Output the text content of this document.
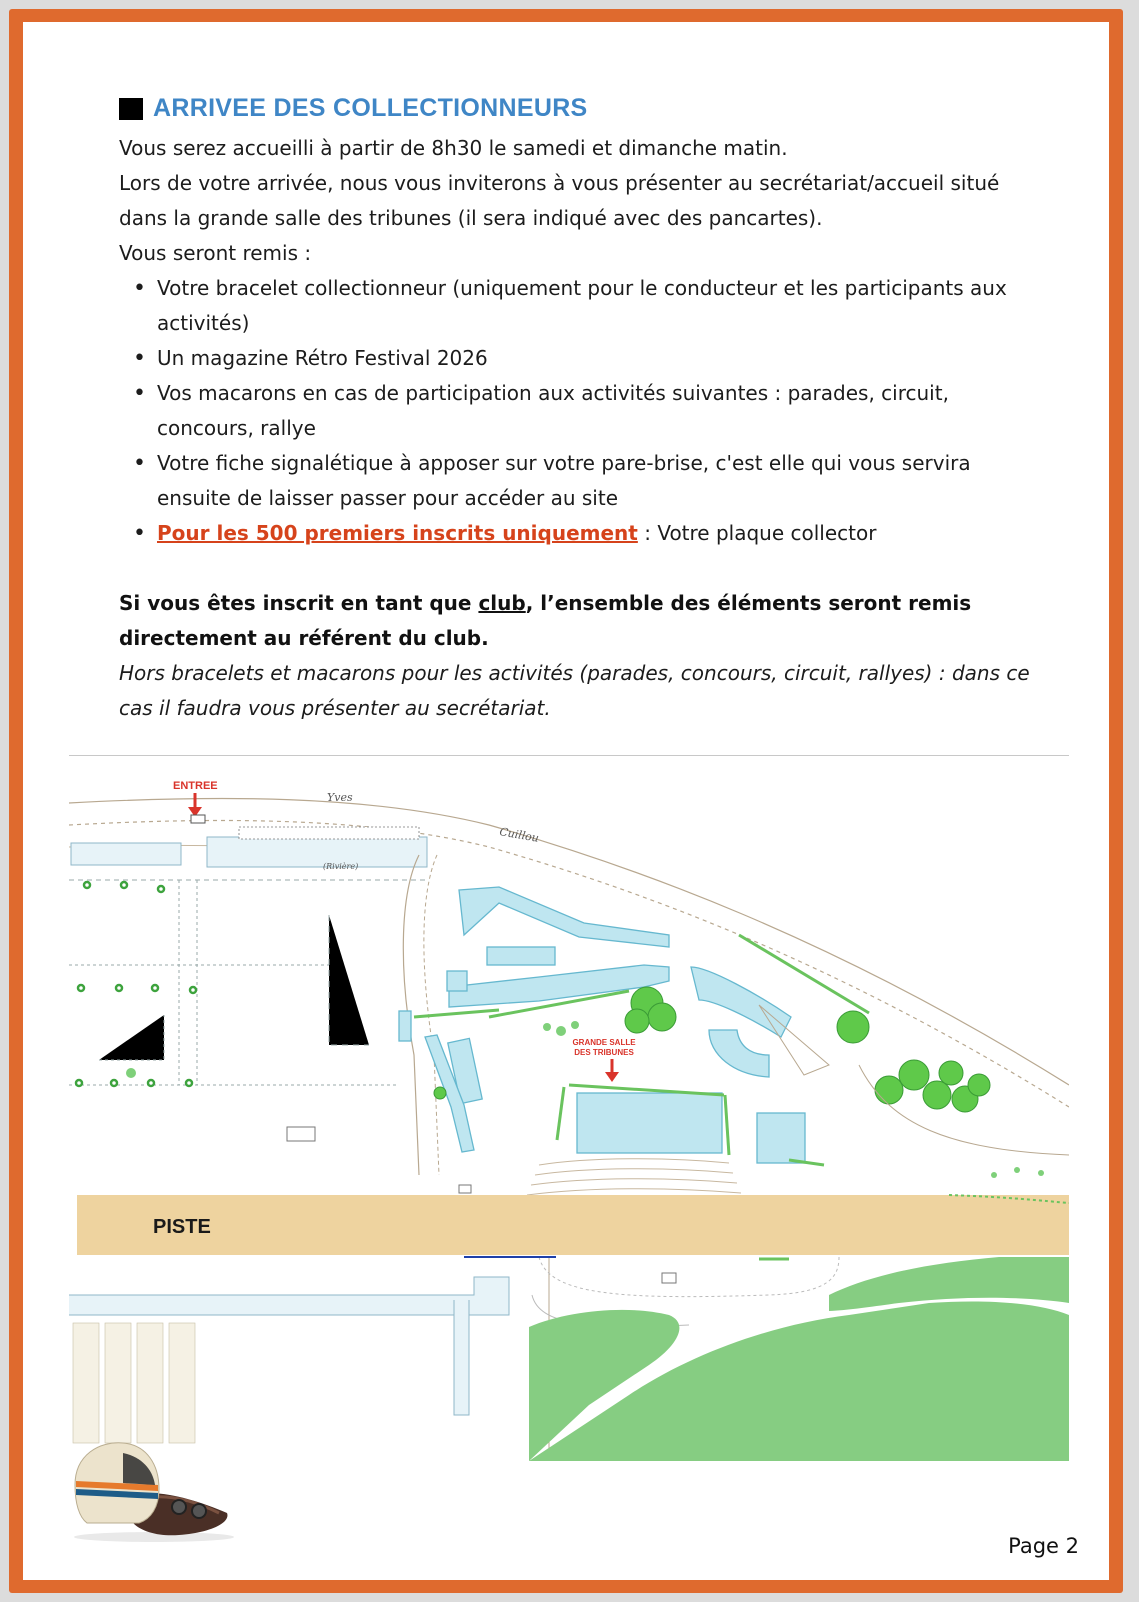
ARRIVEE DES COLLECTIONNEURS

Vous serez accueilli à partir de 8h30 le samedi et dimanche matin.

Lors de votre arrivée, nous vous inviterons à vous présenter au secrétariat/accueil situé dans la grande salle des tribunes (il sera indiqué avec des pancartes).

Vous seront remis :

• Votre bracelet collectionneur (uniquement pour le conducteur et les participants aux activités)
• Un magazine Rétro Festival 2026
• Vos macarons en cas de participation aux activités suivantes : parades, circuit, concours, rallye
• Votre fiche signalétique à apposer sur votre pare-brise, c'est elle qui vous servira ensuite de laisser passer pour accéder au site
• Pour les 500 premiers inscrits uniquement : Votre plaque collector

Si vous êtes inscrit en tant que club, l’ensemble des éléments seront remis directement au référent du club.

Hors bracelets et macarons pour les activités (parades, concours, circuit, rallyes) : dans ce cas il faudra vous présenter au secrétariat.

PISTE
Yves
Cuillou
(Rivière)
ENTREE
GRANDE SALLE
DES TRIBUNES
Page 2
